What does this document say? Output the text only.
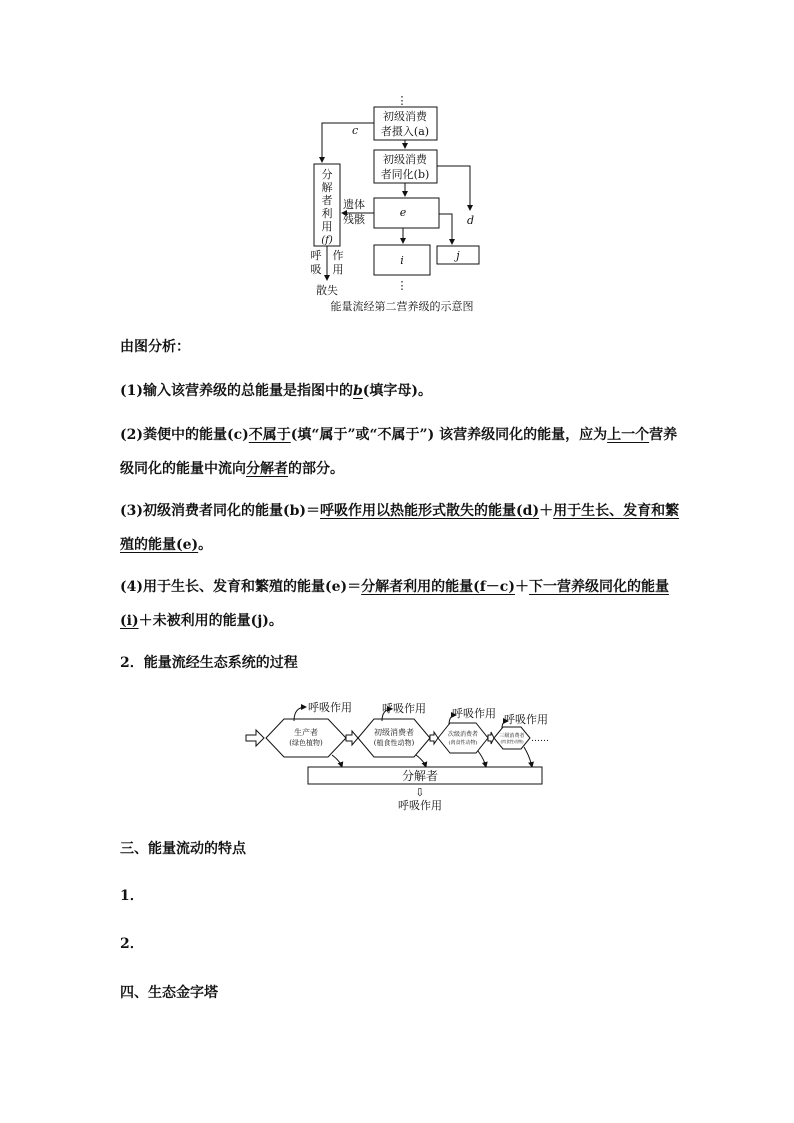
⋮
初级消费
者摄入(a)
c
初级消费
者同化(b)
d
分
解
者
利
用
(f)
e
遗体
残骸
i	j
呼
吸
作
用
散失	⋮
能量流经第二营养级的示意图
由图分析：
(1)输入该营养级的总能量是指图中的b(填字母)。
(2)粪便中的能量(c)不属于(填“属于”或“不属于”) 该营养级同化的能量，应为上一个营养级同化的能量中流向分解者的部分。
(3)初级消费者同化的能量(b)＝呼吸作用以热能形式散失的能量(d)＋用于生长、发育和繁殖的能量(e)。
(4)用于生长、发育和繁殖的能量(e)＝分解者利用的能量(f－c)＋下一营养级同化的能量(i)＋未被利用的能量(j)。
2．能量流经生态系统的过程
生产者
(绿色植物)
初级消费者
(植食性动物)
次级消费者
(肉食性动物)
三级消费者
(肉食性动物) ……
呼吸作用	呼吸作用 呼吸作用 呼吸作用
分解者
⇩
呼吸作用
三、能量流动的特点
1．
2．
四、生态金字塔
